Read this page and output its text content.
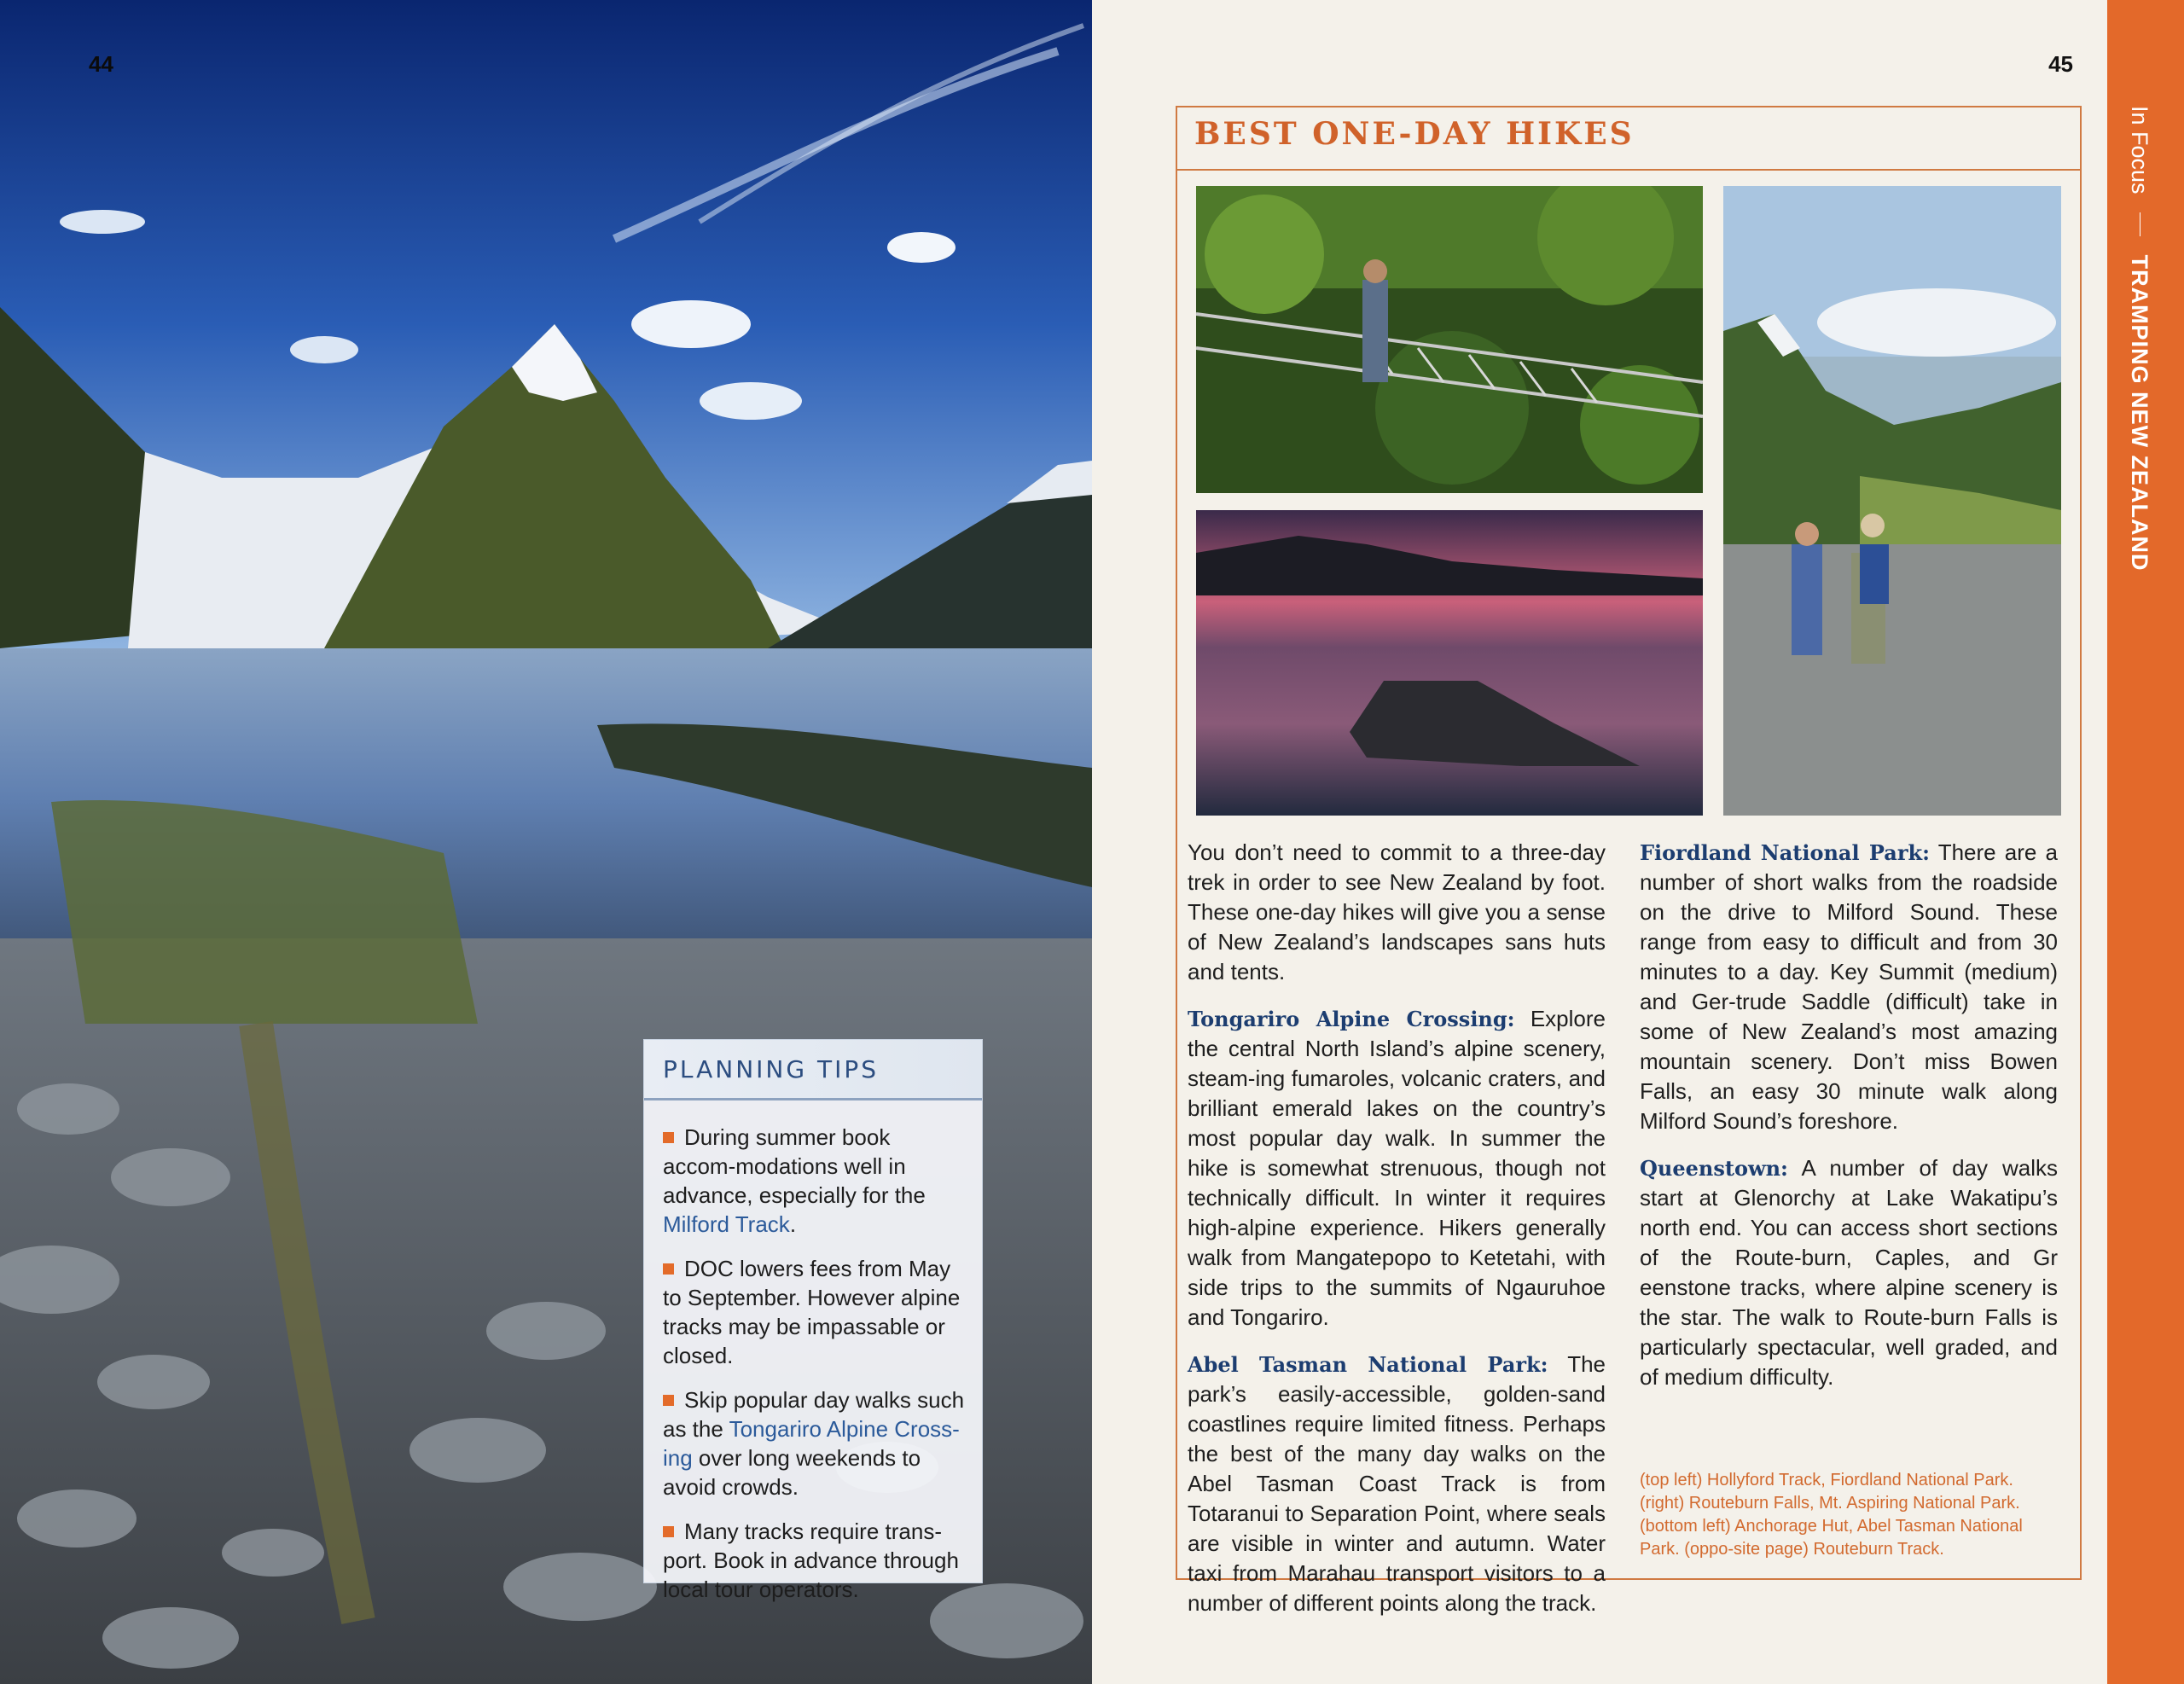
44
PLANNING TIPS
During summer book accom-modations well in advance, especially for the Milford Track.
DOC lowers fees from May to September. However alpine tracks may be impassable or closed.
Skip popular day walks such as the Tongariro Alpine Cross-ing over long weekends to avoid crowds.
Many tracks require trans-port. Book in advance through local tour operators.
45
In Focus  TRAMPING NEW ZEALAND
BEST ONE-DAY HIKES

You don’t need to commit to a three-day trek in order to see New Zealand by foot. These one-day hikes will give you a sense of New Zealand’s landscapes sans huts and tents.

Tongariro Alpine Crossing: Explore the central North Island’s alpine scenery, steam-ing fumaroles, volcanic craters, and brilliant emerald lakes on the country’s most popular day walk. In summer the hike is somewhat strenuous, though not technically difficult. In winter it requires high-alpine experience. Hikers generally walk from Mangatepopo to Ketetahi, with side trips to the summits of Ngauruhoe and Tongariro.

Abel Tasman National Park: The park’s easily-accessible, golden-sand coastlines require limited fitness. Perhaps the best of the many day walks on the Abel Tasman Coast Track is from Totaranui to Separation Point, where seals are visible in winter and autumn. Water taxi from Marahau transport visitors to a number of different points along the track.

Fiordland National Park: There are a number of short walks from the roadside on the drive to Milford Sound. These range from easy to difficult and from 30 minutes to a day. Key Summit (medium) and Ger-trude Saddle (difficult) take in some of New Zealand’s most amazing mountain scenery. Don’t miss Bowen Falls, an easy 30 minute walk along Milford Sound’s foreshore.

Queenstown: A number of day walks start at Glenorchy at Lake Wakatipu’s north end. You can access short sections of the Route-burn, Caples, and Gr eenstone tracks, where alpine scenery is the star. The walk to Route-burn Falls is particularly spectacular, well graded, and of medium difficulty.

(top left) Hollyford Track, Fiordland National Park. (right) Routeburn Falls, Mt. Aspiring National Park. (bottom left) Anchorage Hut, Abel Tasman National Park. (oppo-site page) Routeburn Track.
